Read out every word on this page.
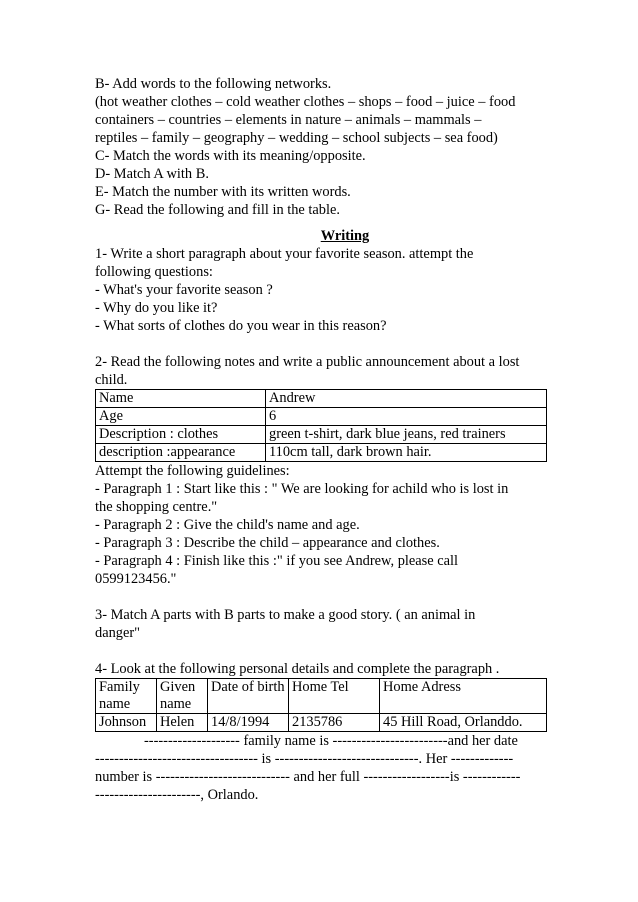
B- Add words to the following networks.
(hot weather clothes – cold weather clothes – shops – food – juice – food
containers – countries – elements in nature – animals – mammals –
reptiles – family – geography – wedding – school subjects – sea food)
C- Match the words with its meaning/opposite.
D- Match A with B.
E- Match the number with its written words.
G- Read the following and fill in the table.
Writing
1- Write a short paragraph about your favorite season. attempt the
following questions:
- What's your favorite season ?
- Why do you like it?
- What sorts of clothes do you wear in this reason?
2- Read the following notes and write a public announcement about a lost
child.
Name	Andrew
Age	6
Description : clothes	green t-shirt, dark blue jeans, red trainers
description :appearance	110cm tall, dark brown hair.
Attempt the following guidelines:
- Paragraph 1 : Start like this : " We are looking for achild who is lost in
the shopping centre."
- Paragraph 2 : Give the child's name and age.
- Paragraph 3 : Describe the child – appearance and clothes.
- Paragraph 4 : Finish like this :" if you see Andrew, please call
0599123456."
3- Match A parts with B parts to make a good story. ( an animal in
danger"
4- Look at the following personal details and complete the paragraph .
Family name	Given name	Date of birth	Home Tel	Home Adress
Johnson	Helen	14/8/1994	2135786	45 Hill Road, Orlanddo.
-------------------- family name is ------------------------and her date
---------------------------------- is ------------------------------. Her -------------
number is ---------------------------- and her full ------------------is ------------
----------------------, Orlando.
